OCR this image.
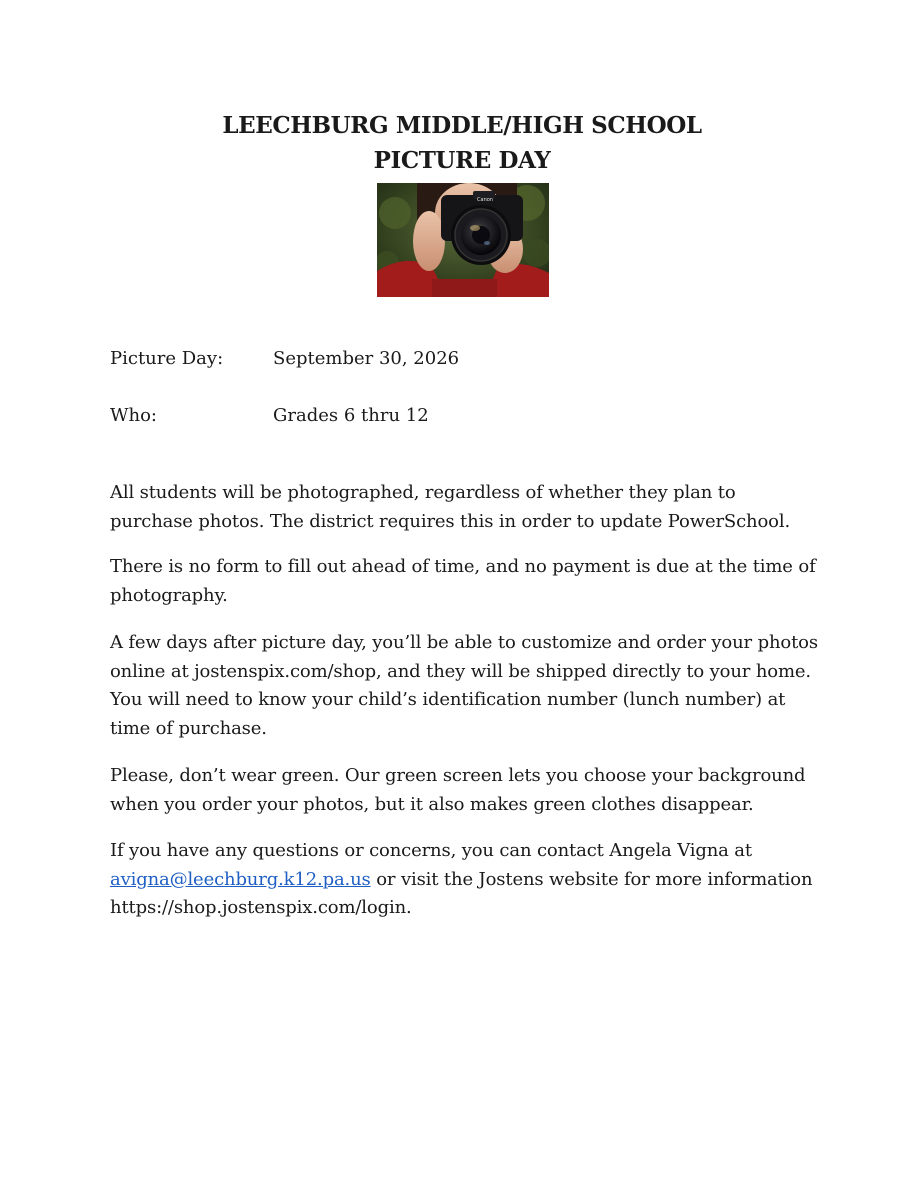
LEECHBURG MIDDLE/HIGH SCHOOL
PICTURE DAY
Canon
Picture Day:	September 30, 2026
Who:	Grades 6 thru 12

All students will be photographed, regardless of whether they plan to purchase photos. The district requires this in order to update PowerSchool.

There is no form to fill out ahead of time, and no payment is due at the time of photography.

A few days after picture day, you’ll be able to customize and order your photos online at jostenspix.com/shop, and they will be shipped directly to your home. You will need to know your child’s identification number (lunch number) at time of purchase.

Please, don’t wear green. Our green screen lets you choose your background when you order your photos, but it also makes green clothes disappear.

If you have any questions or concerns, you can contact Angela Vigna at avigna@leechburg.k12.pa.us or visit the Jostens website for more information https://shop.jostenspix.com/login.
